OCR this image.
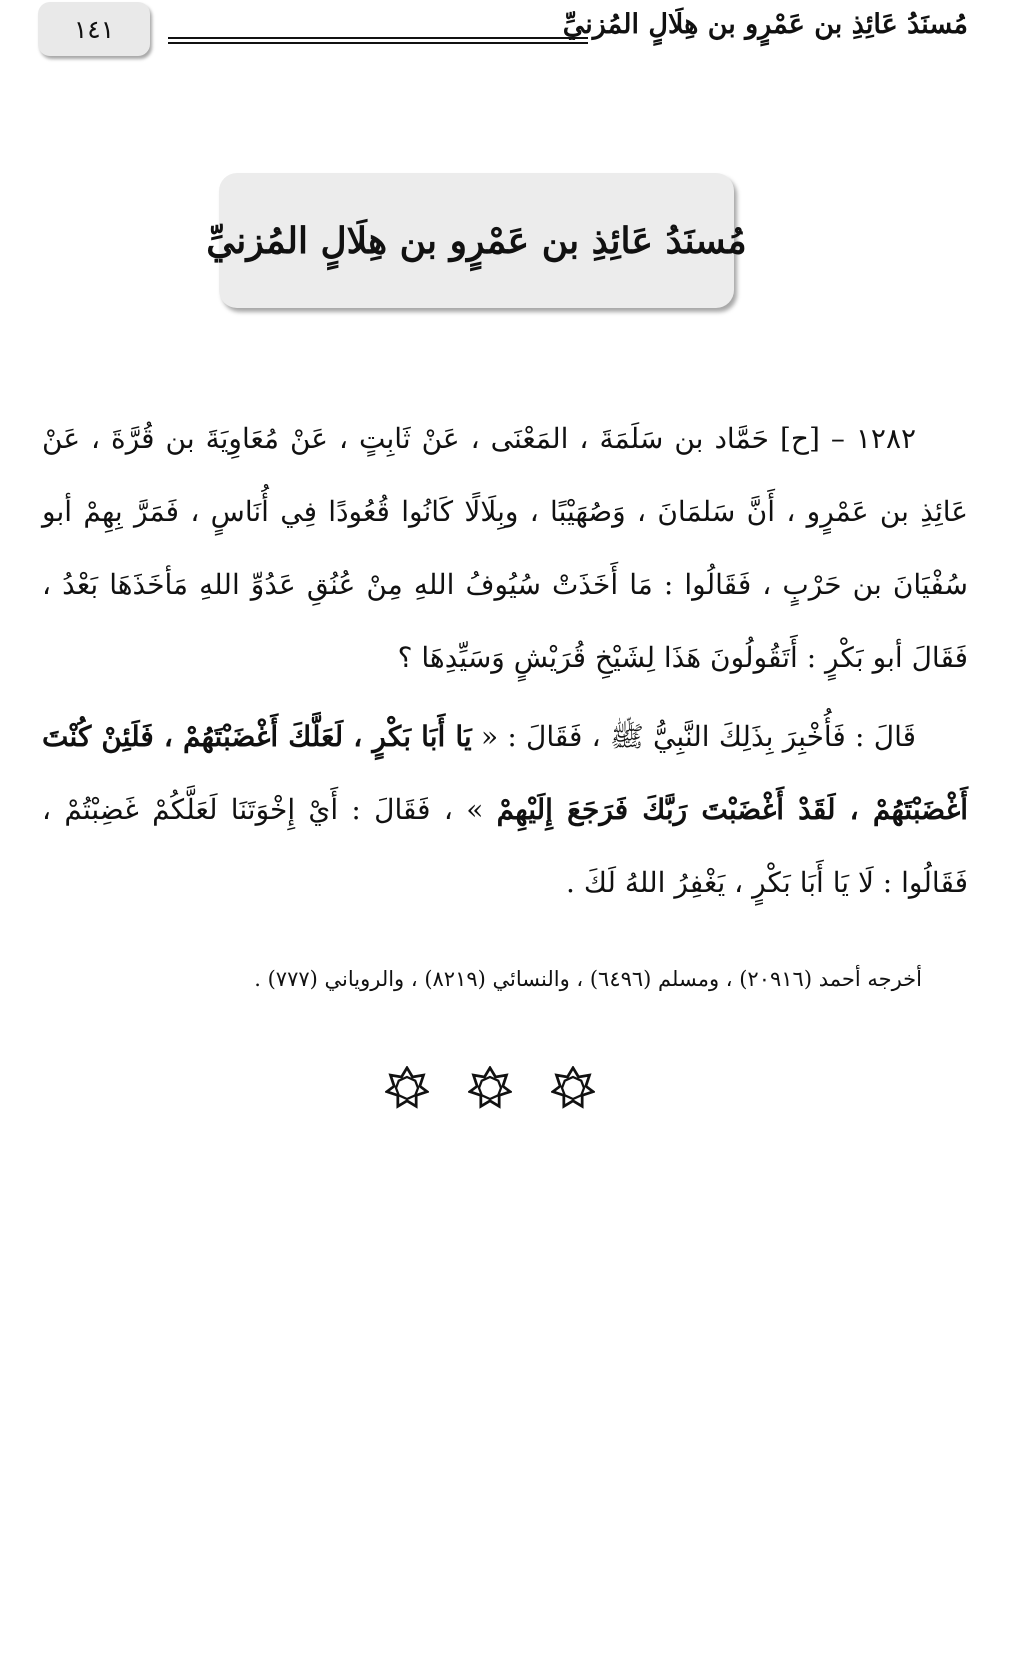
١٤١	مُسنَدُ عَائِذِ بن عَمْرٍو بن هِلَالٍ المُزنيِّ
مُسنَدُ عَائِذِ بن عَمْرٍو بن هِلَالٍ المُزنيِّ

١٢٨٢ – [ح] حَمَّاد بن سَلَمَةَ ، المَعْنَى ، عَنْ ثَابِتٍ ، عَنْ مُعَاوِيَةَ بن قُرَّةَ ، عَنْ عَائِذِ بن عَمْرٍو ، أَنَّ سَلمَانَ ، وَصُهَيْبًا ، وبِلَالًا كَانُوا قُعُودًا فِي أُنَاسٍ ، فَمَرَّ بِهِمْ أبو سُفْيَانَ بن حَرْبٍ ، فَقَالُوا : مَا أَخَذَتْ سُيُوفُ اللهِ مِنْ عُنُقِ عَدُوِّ اللهِ مَأخَذَهَا بَعْدُ ، فَقَالَ أبو بَكْرٍ : أَتَقُولُونَ هَذَا لِشَيْخِ قُرَيْشٍ وَسَيِّدِهَا ؟

قَالَ : فَأُخْبِرَ بِذَلِكَ النَّبِيُّ ﷺ ، فَقَالَ : « يَا أَبَا بَكْرٍ ، لَعَلَّكَ أَغْضَبْتَهُمْ ، فَلَئِنْ كُنْتَ أَغْضَبْتَهُمْ ، لَقَدْ أَغْضَبْتَ رَبَّكَ فَرَجَعَ إِلَيْهِمْ » ، فَقَالَ : أَيْ إِخْوَتَنَا لَعَلَّكُمْ غَضِبْتُمْ ، فَقَالُوا : لَا يَا أَبَا بَكْرٍ ، يَغْفِرُ اللهُ لَكَ .

أخرجه أحمد (٢٠٩١٦) ، ومسلم (٦٤٩٦) ، والنسائي (٨٢١٩) ، والروياني (٧٧٧) .
